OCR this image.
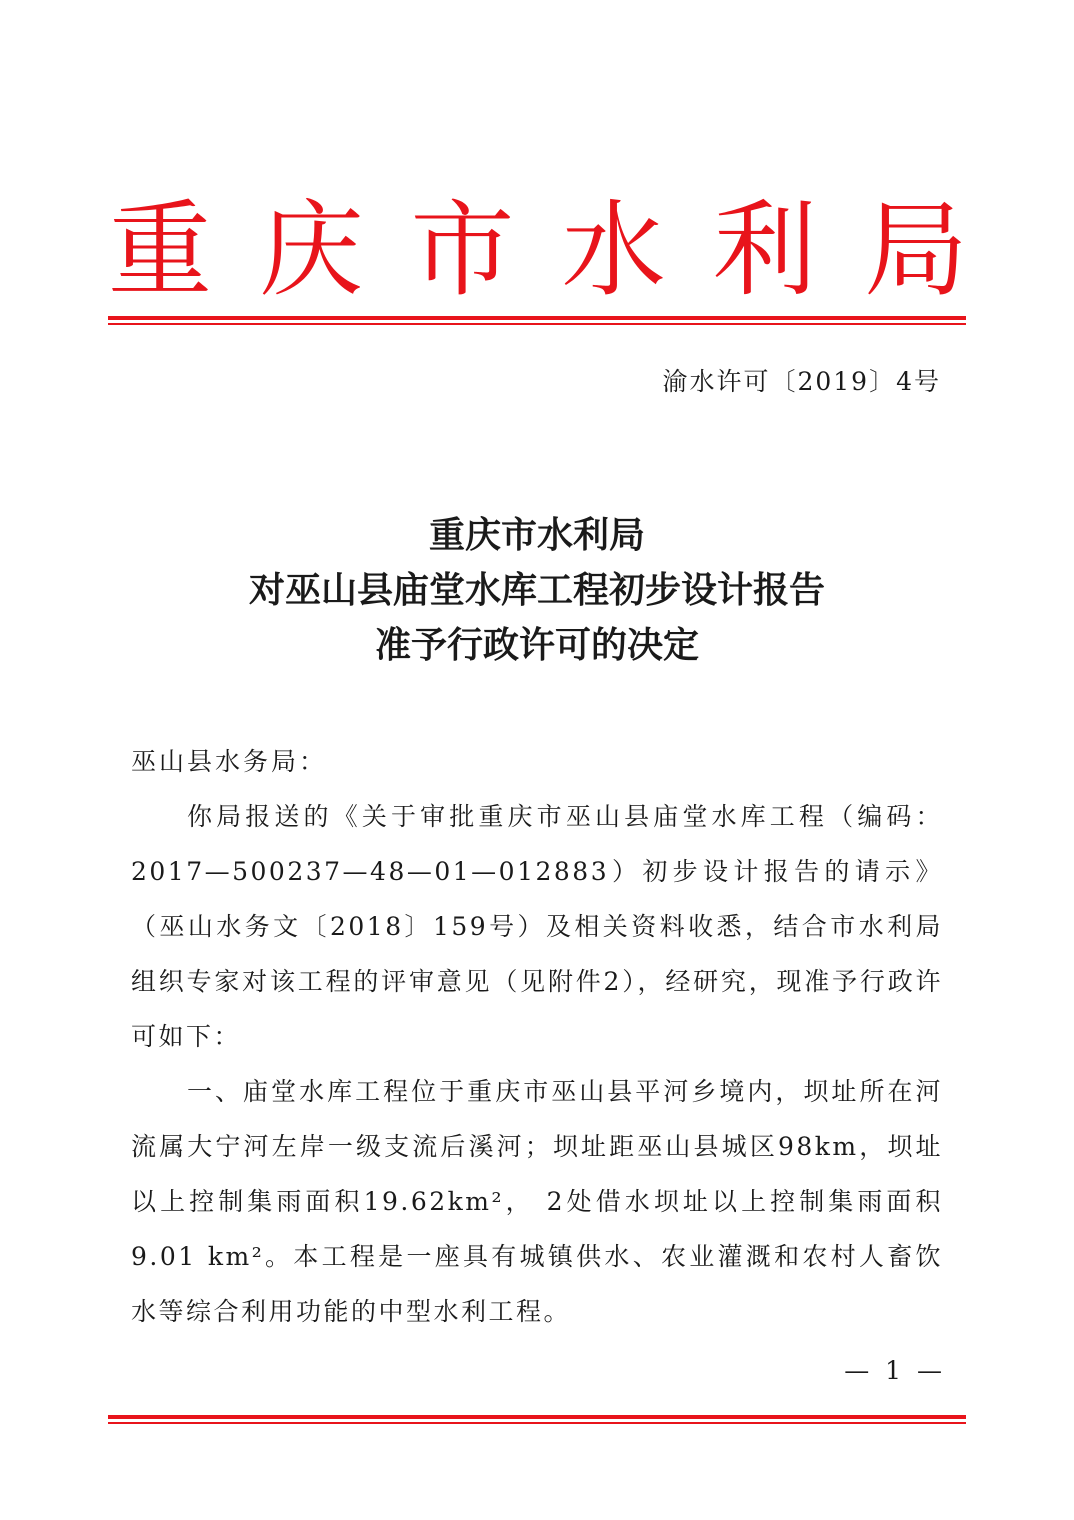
重 庆 市 水 利 局
渝水许可〔2019〕4号
重庆市水利局
对巫山县庙堂水库工程初步设计报告
准予行政许可的决定

巫山县水务局：

你局报送的《关于审批重庆市巫山县庙堂水库工程（编码：2017—500237—48—01—012883）初步设计报告的请示》（巫山水务文〔2018〕159号）及相关资料收悉，结合市水利局组织专家对该工程的评审意见（见附件2），经研究，现准予行政许可如下：

一、庙堂水库工程位于重庆市巫山县平河乡境内，坝址所在河流属大宁河左岸一级支流后溪河；坝址距巫山县城区98km，坝址以上控制集雨面积19.62km²， 2处借水坝址以上控制集雨面积9.01 km²。本工程是一座具有城镇供水、农业灌溉和农村人畜饮水等综合利用功能的中型水利工程。

— 1 —
